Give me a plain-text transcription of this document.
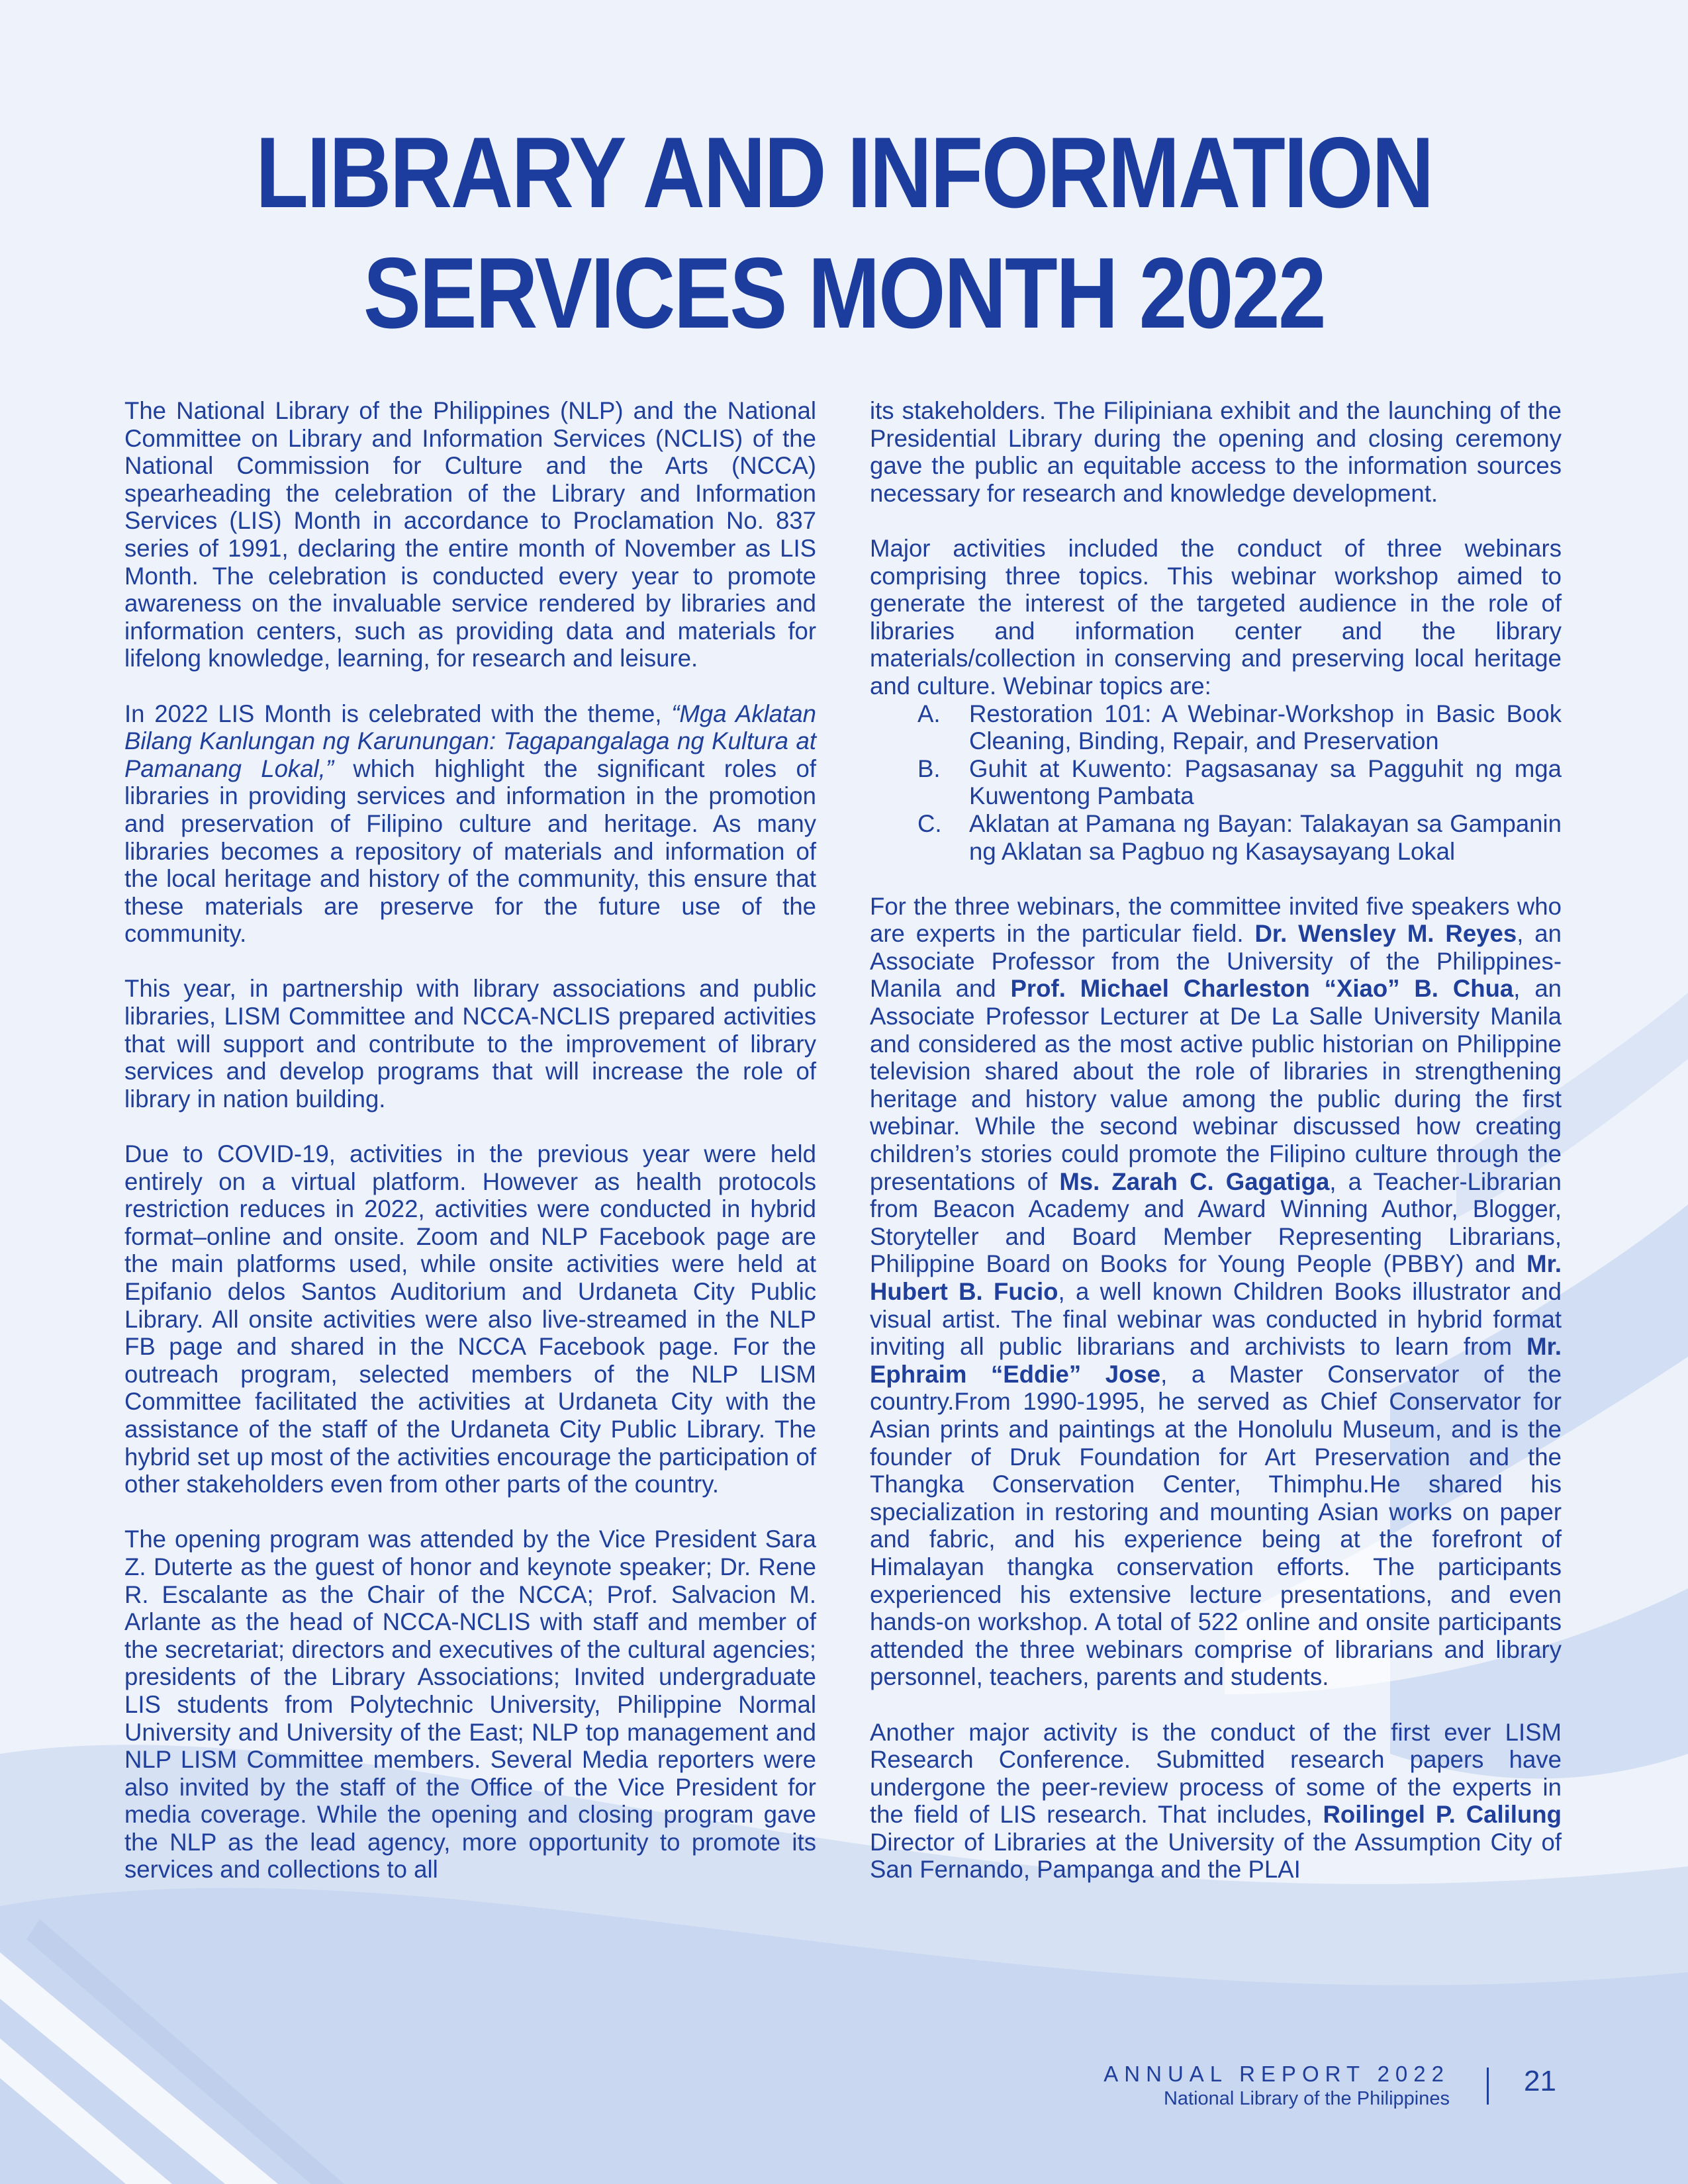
LIBRARY AND INFORMATION
SERVICES MONTH 2022

The National Library of the Philippines (NLP) and the National Committee on Library and Information Services (NCLIS) of the National Commission for Culture and the Arts (NCCA) spearheading the celebration of the Library and Information Services (LIS) Month in accordance to Proclamation No. 837 series of 1991, declaring the entire month of November as LIS Month. The celebration is conducted every year to promote awareness on the invaluable service rendered by libraries and information centers, such as providing data and materials for lifelong knowledge, learning, for research and leisure.

In 2022 LIS Month is celebrated with the theme, “Mga Aklatan Bilang Kanlungan ng Karunungan: Tagapangalaga ng Kultura at Pamanang Lokal,” which highlight the significant roles of libraries in providing services and information in the promotion and preservation of Filipino culture and heritage. As many libraries becomes a repository of materials and information of the local heritage and history of the community, this ensure that these materials are preserve for the future use of the community.

This year, in partnership with library associations and public libraries, LISM Committee and NCCA-NCLIS prepared activities that will support and contribute to the improvement of library services and develop programs that will increase the role of library in nation building.

Due to COVID-19, activities in the previous year were held entirely on a virtual platform. However as health protocols restriction reduces in 2022, activities were conducted in hybrid format–online and onsite. Zoom and NLP Facebook page are the main platforms used, while onsite activities were held at Epifanio delos Santos Auditorium and Urdaneta City Public Library. All onsite activities were also live-streamed in the NLP FB page and shared in the NCCA Facebook page. For the outreach program, selected members of the NLP LISM Committee facilitated the activities at Urdaneta City with the assistance of the staff of the Urdaneta City Public Library. The hybrid set up most of the activities encourage the participation of other stakeholders even from other parts of the country.

The opening program was attended by the Vice President Sara Z. Duterte as the guest of honor and keynote speaker; Dr. Rene R. Escalante as the Chair of the NCCA; Prof. Salvacion M. Arlante as the head of NCCA-NCLIS with staff and member of the secretariat; directors and executives of the cultural agencies; presidents of the Library Associations; Invited undergraduate LIS students from Polytechnic University, Philippine Normal University and University of the East; NLP top management and NLP LISM Committee members. Several Media reporters were also invited by the staff of the Office of the Vice President for media coverage. While the opening and closing program gave the NLP as the lead agency, more opportunity to promote its services and collections to all

its stakeholders. The Filipiniana exhibit and the launching of the Presidential Library during the opening and closing ceremony gave the public an equitable access to the information sources necessary for research and knowledge development.

Major activities included the conduct of three webinars comprising three topics. This webinar workshop aimed to generate the interest of the targeted audience in the role of libraries and information center and the library materials/collection in conserving and preserving local heritage and culture. Webinar topics are:

A.	Restoration 101: A Webinar-Workshop in Basic Book Cleaning, Binding, Repair, and Preservation
B.	Guhit at Kuwento: Pagsasanay sa Pagguhit ng mga Kuwentong Pambata
C.	Aklatan at Pamana ng Bayan: Talakayan sa Gampanin ng Aklatan sa Pagbuo ng Kasaysayang Lokal

For the three webinars, the committee invited five speakers who are experts in the particular field. Dr. Wensley M. Reyes, an Associate Professor from the University of the Philippines-Manila and Prof. Michael Charleston “Xiao” B. Chua, an Associate Professor Lecturer at De La Salle University Manila and considered as the most active public historian on Philippine television shared about the role of libraries in strengthening heritage and history value among the public during the first webinar. While the second webinar discussed how creating children’s stories could promote the Filipino culture through the presentations of Ms. Zarah C. Gagatiga, a Teacher-Librarian from Beacon Academy and Award Winning Author, Blogger, Storyteller and Board Member Representing Librarians, Philippine Board on Books for Young People (PBBY) and Mr. Hubert B. Fucio, a well known Children Books illustrator and visual artist. The final webinar was conducted in hybrid format inviting all public librarians and archivists to learn from Mr. Ephraim “Eddie” Jose, a Master Conservator of the country.From 1990-1995, he served as Chief Conservator for Asian prints and paintings at the Honolulu Museum, and is the founder of Druk Foundation for Art Preservation and the Thangka Conservation Center, Thimphu.He shared his specialization in restoring and mounting Asian works on paper and fabric, and his experience being at the forefront of Himalayan thangka conservation efforts. The participants experienced his extensive lecture presentations, and even hands-on workshop. A total of 522 online and onsite participants attended the three webinars comprise of librarians and library personnel, teachers, parents and students.

Another major activity is the conduct of the first ever LISM Research Conference. Submitted research papers have undergone the peer-review process of some of the experts in the field of LIS research. That includes, Roilingel P. Calilung Director of Libraries at the University of the Assumption City of San Fernando, Pampanga and the PLAI

ANNUAL REPORT 2022
National Library of the Philippines
21
